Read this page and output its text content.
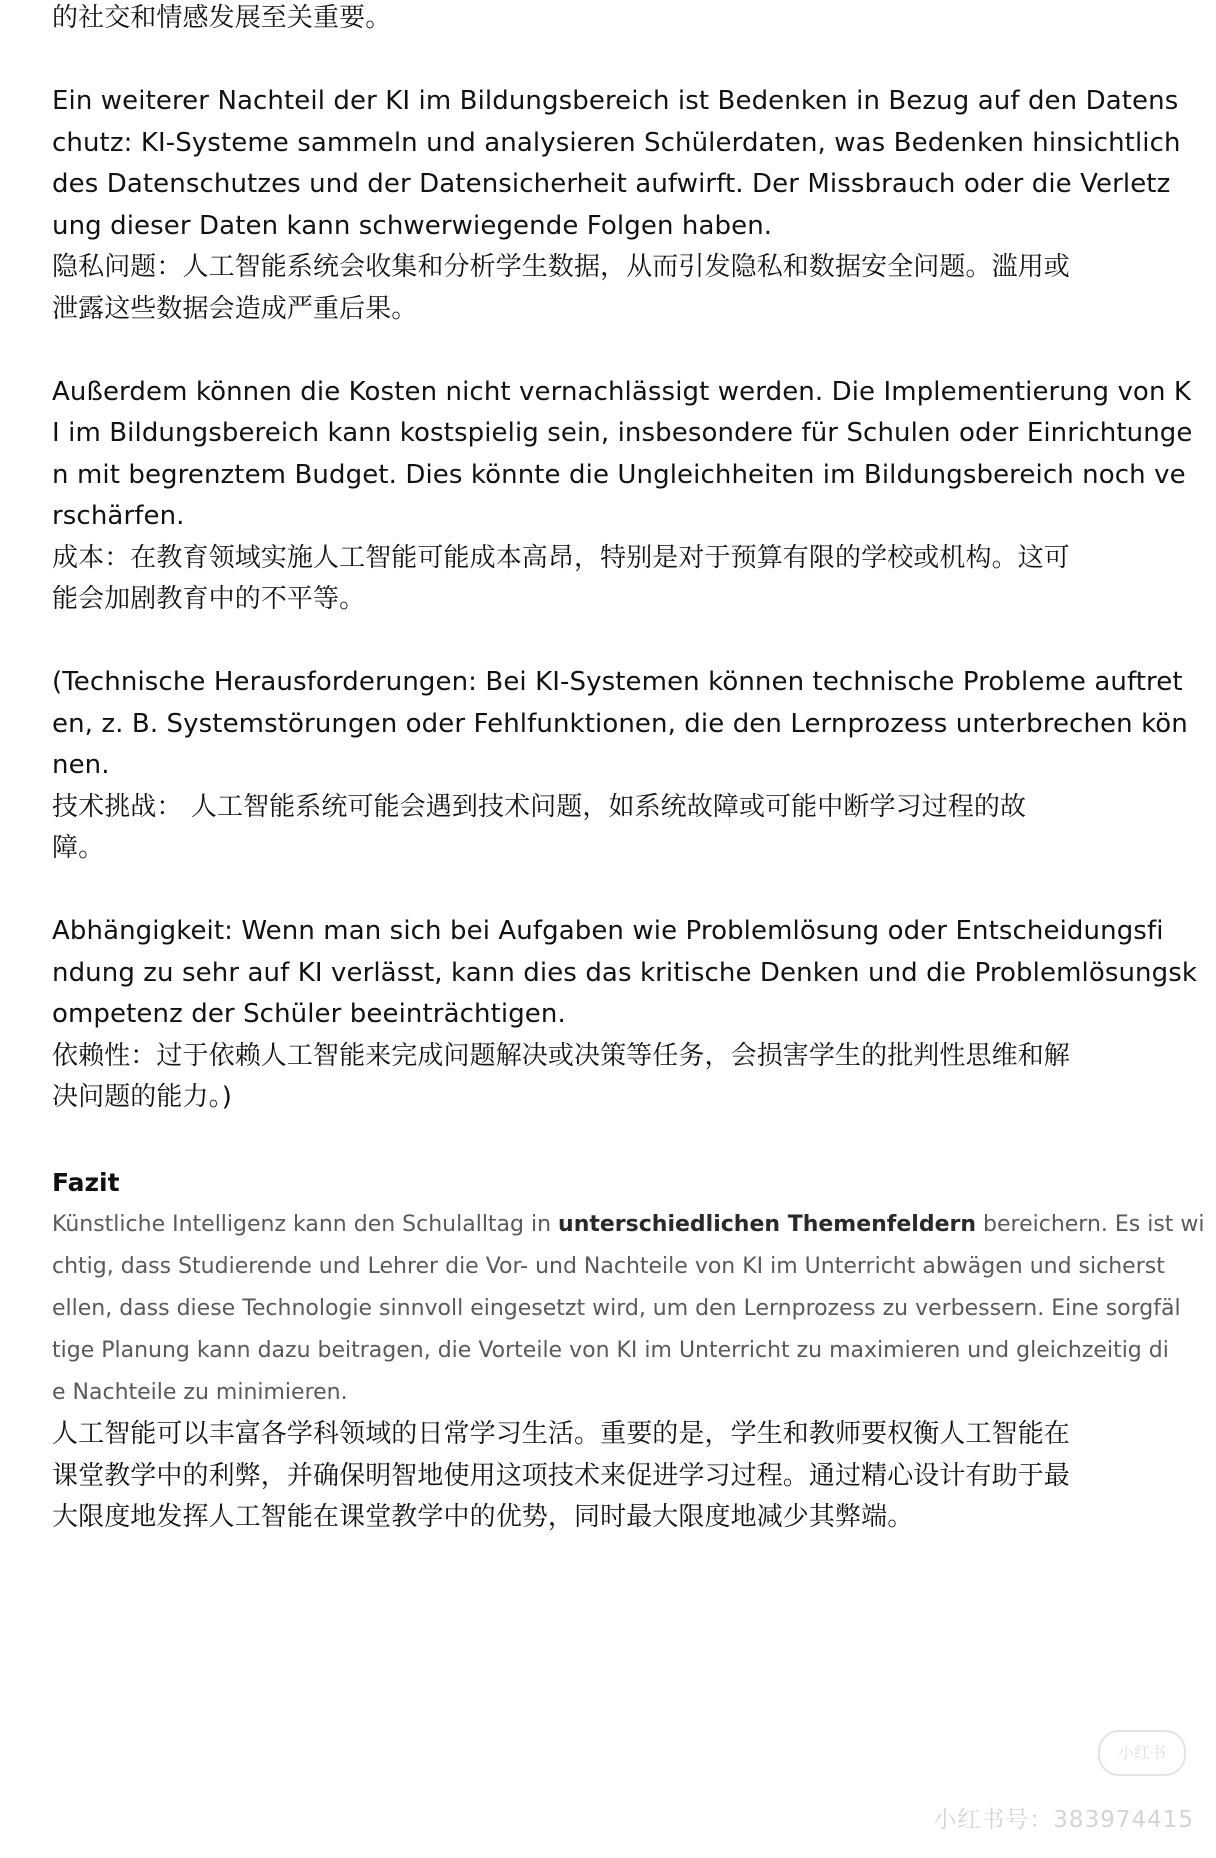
的社交和情感发展至关重要。
Ein weiterer Nachteil der KI im Bildungsbereich ist Bedenken in Bezug auf den Datens
chutz: KI-Systeme sammeln und analysieren Schülerdaten, was Bedenken hinsichtlich
des Datenschutzes und der Datensicherheit aufwirft. Der Missbrauch oder die Verletz
ung dieser Daten kann schwerwiegende Folgen haben.
隐私问题：人工智能系统会收集和分析学生数据，从而引发隐私和数据安全问题。滥用或
泄露这些数据会造成严重后果。
Außerdem können die Kosten nicht vernachlässigt werden. Die Implementierung von K
I im Bildungsbereich kann kostspielig sein, insbesondere für Schulen oder Einrichtunge
n mit begrenztem Budget. Dies könnte die Ungleichheiten im Bildungsbereich noch ve
rschärfen.
成本：在教育领域实施人工智能可能成本高昂，特别是对于预算有限的学校或机构。这可
能会加剧教育中的不平等。
(Technische Herausforderungen: Bei KI-Systemen können technische Probleme auftret
en, z. B. Systemstörungen oder Fehlfunktionen, die den Lernprozess unterbrechen kön
nen.
技术挑战： 人工智能系统可能会遇到技术问题，如系统故障或可能中断学习过程的故
障。
Abhängigkeit: Wenn man sich bei Aufgaben wie Problemlösung oder Entscheidungsfi
ndung zu sehr auf KI verlässt, kann dies das kritische Denken und die Problemlösungsk
ompetenz der Schüler beeinträchtigen.
依赖性：过于依赖人工智能来完成问题解决或决策等任务，会损害学生的批判性思维和解
决问题的能力。)
Fazit
Künstliche Intelligenz kann den Schulalltag in unterschiedlichen Themenfeldern bereichern. Es ist wi
chtig, dass Studierende und Lehrer die Vor- und Nachteile von KI im Unterricht abwägen und sicherst
ellen, dass diese Technologie sinnvoll eingesetzt wird, um den Lernprozess zu verbessern. Eine sorgfäl
tige Planung kann dazu beitragen, die Vorteile von KI im Unterricht zu maximieren und gleichzeitig di
e Nachteile zu minimieren.
人工智能可以丰富各学科领域的日常学习生活。重要的是，学生和教师要权衡人工智能在
课堂教学中的利弊，并确保明智地使用这项技术来促进学习过程。通过精心设计有助于最
大限度地发挥人工智能在课堂教学中的优势，同时最大限度地减少其弊端。
小红书
小红书号：383974415
